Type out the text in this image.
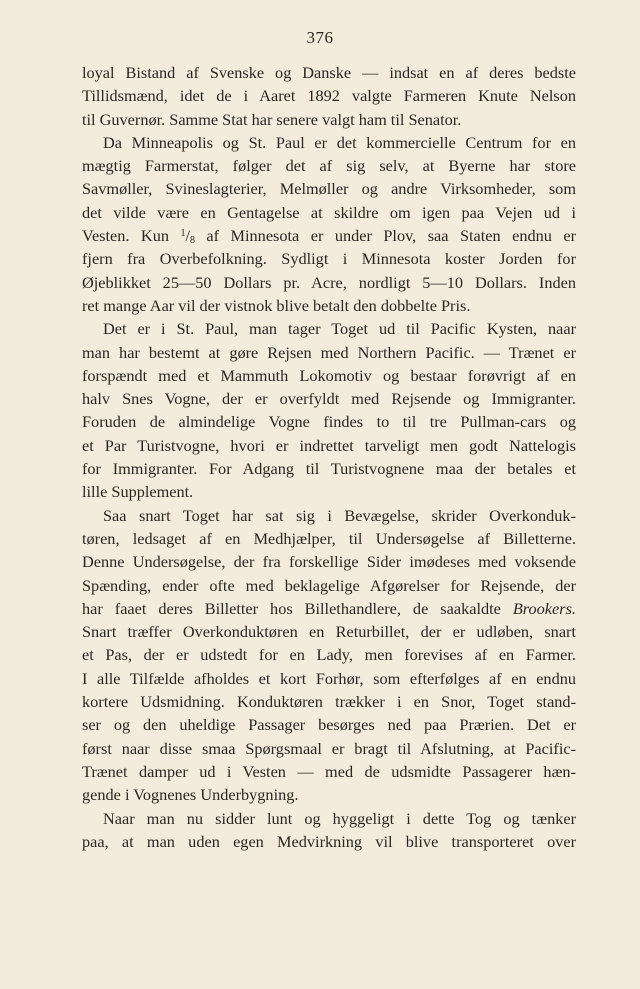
376
loyal Bistand af Svenske og Danske — indsat en af deres bedste
Tillidsmænd, idet de i Aaret 1892 valgte Farmeren Knute Nelson
til Guvernør. Samme Stat har senere valgt ham til Senator.
Da Minneapolis og St. Paul er det kommercielle Centrum for en
mægtig Farmerstat, følger det af sig selv, at Byerne har store
Savmøller, Svineslagterier, Melmøller og andre Virksomheder, som
det vilde være en Gentagelse at skildre om igen paa Vejen ud i
Vesten. Kun $^1$/8 af Minnesota er under Plov, saa Staten endnu er
fjern fra Overbefolkning. Sydligt i Minnesota koster Jorden for
Øjeblikket 25—50 Dollars pr. Acre, nordligt 5—10 Dollars. Inden
ret mange Aar vil der vistnok blive betalt den dobbelte Pris.
Det er i St. Paul, man tager Toget ud til Pacific Kysten, naar
man har bestemt at gøre Rejsen med Northern Pacific. — Trænet er
forspændt med et Mammuth Lokomotiv og bestaar forøvrigt af en
halv Snes Vogne, der er overfyldt med Rejsende og Immigranter.
Foruden de almindelige Vogne findes to til tre Pullman-cars og
et Par Turistvogne, hvori er indrettet tarveligt men godt Nattelogis
for Immigranter. For Adgang til Turistvognene maa der betales et
lille Supplement.
Saa snart Toget har sat sig i Bevægelse, skrider Overkonduk-
tøren, ledsaget af en Medhjælper, til Undersøgelse af Billetterne.
Denne Undersøgelse, der fra forskellige Sider imødeses med voksende
Spænding, ender ofte med beklagelige Afgørelser for Rejsende, der
har faaet deres Billetter hos Billethandlere, de saakaldte Brookers.
Snart træffer Overkonduktøren en Returbillet, der er udløben, snart
et Pas, der er udstedt for en Lady, men forevises af en Farmer.
I alle Tilfælde afholdes et kort Forhør, som efterfølges af en endnu
kortere Udsmidning. Konduktøren trækker i en Snor, Toget stand-
ser og den uheldige Passager besørges ned paa Prærien. Det er
først naar disse smaa Spørgsmaal er bragt til Afslutning, at Pacific-
Trænet damper ud i Vesten — med de udsmidte Passagerer hæn-
gende i Vognenes Underbygning.
Naar man nu sidder lunt og hyggeligt i dette Tog og tænker
paa, at man uden egen Medvirkning vil blive transporteret over
